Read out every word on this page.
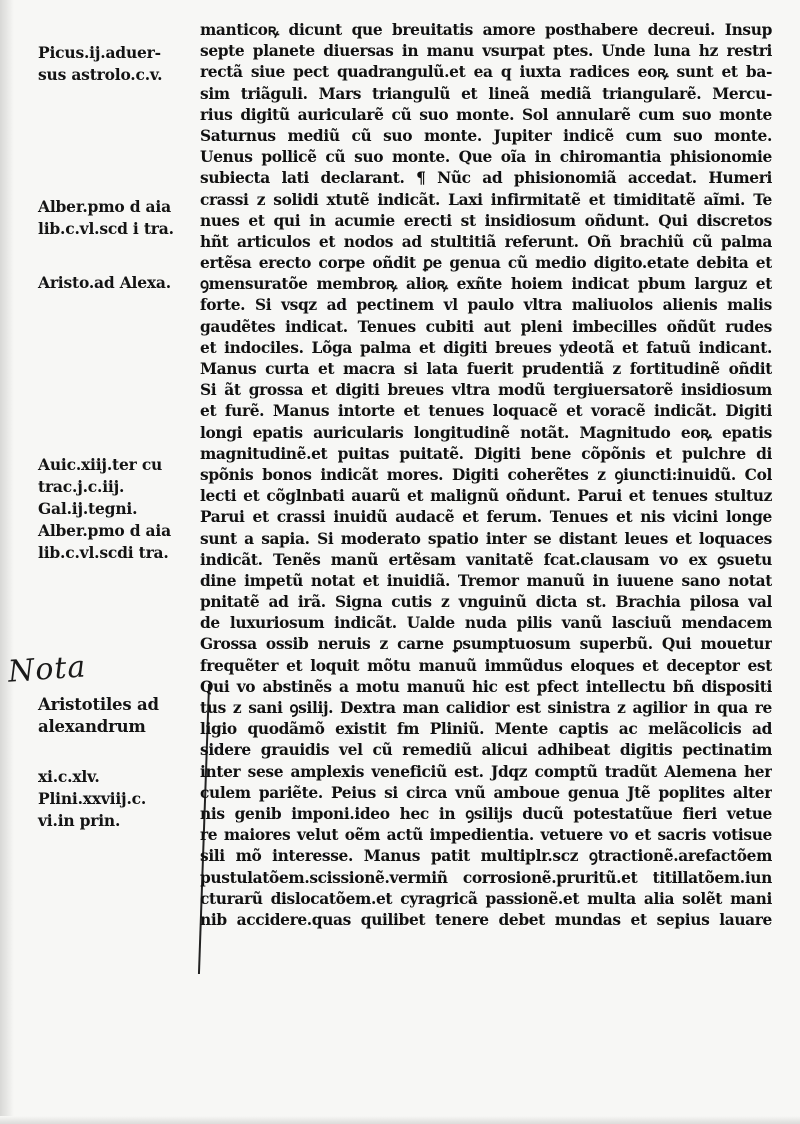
Picus.ij.aduer-
sus astrolo.c.v.
Alber.pmo d aia
lib.c.vl.scd i tra.
Aristo.ad Alexa.
Auic.xiij.ter cu
trac.j.c.iij.
Gal.ij.tegni.
Alber.pmo d aia
lib.c.vl.scdi tra.
Aristotiles ad
alexandrum
xi.c.xlv.
Plini.xxviij.c.
vi.in prin.
Nota
manticoꝶ dicunt que breuitatis amore posthabere decreui. Insup
septe planete diuersas in manu vsurpat ptes. Unde luna hz restri
rectã siue pect quadrangulũ.et ea q iuxta radices eoꝶ sunt et ba-
sim triãguli. Mars triangulũ et lineã mediã triangularẽ. Mercu-
rius digitũ auricularẽ cũ suo monte. Sol annularẽ cum suo monte
Saturnus mediũ cũ suo monte. Jupiter indicẽ cum suo monte.
Uenus pollicẽ cũ suo monte. Que oĩa in chiromantia phisionomie
subiecta lati declarant. ¶ Nũc ad phisionomiã accedat. Humeri
crassi z solidi xtutẽ indicãt. Laxi infirmitatẽ et timiditatẽ aĩmi. Te
nues et qui in acumie erecti st insidiosum oñdunt. Qui discretos
hñt articulos et nodos ad stultitiã referunt. Oñ brachiũ cũ palma
ertẽsa erecto corpe oñdit ꝑe genua cũ medio digito.etate debita et
ꝯmensuratõe membroꝶ alioꝶ exñte hoiem indicat pbum larguz et
forte. Si vsqz ad pectinem vl paulo vltra maliuolos alienis malis
gaudẽtes indicat. Tenues cubiti aut pleni imbecilles oñdũt rudes
et indociles. Lõga palma et digiti breues ydeotã et fatuũ indicant.
Manus curta et macra si lata fuerit prudentiã z fortitudinẽ oñdit
Si ãt grossa et digiti breues vltra modũ tergiuersatorẽ insidiosum
et furẽ. Manus intorte et tenues loquacẽ et voracẽ indicãt. Digiti
longi epatis auricularis longitudinẽ notãt. Magnitudo eoꝶ epatis
magnitudinẽ.et puitas puitatẽ. Digiti bene cõpõnis et pulchre di
spõnis bonos indicãt mores. Digiti coherẽtes z ꝯiuncti:inuidũ. Col
lecti et cõglnbati auarũ et malignũ oñdunt. Parui et tenues stultuz
Parui et crassi inuidũ audacẽ et ferum. Tenues et nis vicini longe
sunt a sapia. Si moderato spatio inter se distant leues et loquaces
indicãt. Tenẽs manũ ertẽsam vanitatẽ fcat.clausam vo ex ꝯsuetu
dine impetũ notat et inuidiã. Tremor manuũ in iuuene sano notat
pnitatẽ ad irã. Signa cutis z vnguinũ dicta st. Brachia pilosa val
de luxuriosum indicãt. Ualde nuda pilis vanũ lasciuũ mendacem
Grossa ossib neruis z carne ꝑsumptuosum superbũ. Qui mouetur
frequẽter et loquit mõtu manuũ immũdus eloques et deceptor est
Qui vo abstinẽs a motu manuũ hic est pfect intellectu bñ dispositi
tus z sani ꝯsilij. Dextra man calidior est sinistra z agilior in qua re
ligio quodãmõ existit fm Pliniũ. Mente captis ac melãcolicis ad
sidere grauidis vel cũ remediũ alicui adhibeat digitis pectinatim
inter sese amplexis veneficiũ est. Jdqz comptũ tradũt Alemena her
culem pariẽte. Peius si circa vnũ amboue genua Jtẽ poplites alter
nis genib imponi.ideo hec in ꝯsilijs ducũ potestatũue fieri vetue
re maiores velut oẽm actũ impedientia. vetuere vo et sacris votisue
sili mõ interesse. Manus patit multiplr.scz ꝯtractionẽ.arefactõem
pustulatõem.scissionẽ.vermiñ corrosionẽ.pruritũ.et titillatõem.iun
cturarũ dislocatõem.et cyragricã passionẽ.et multa alia solẽt mani
nib accidere.quas quilibet tenere debet mundas et sepius lauare
